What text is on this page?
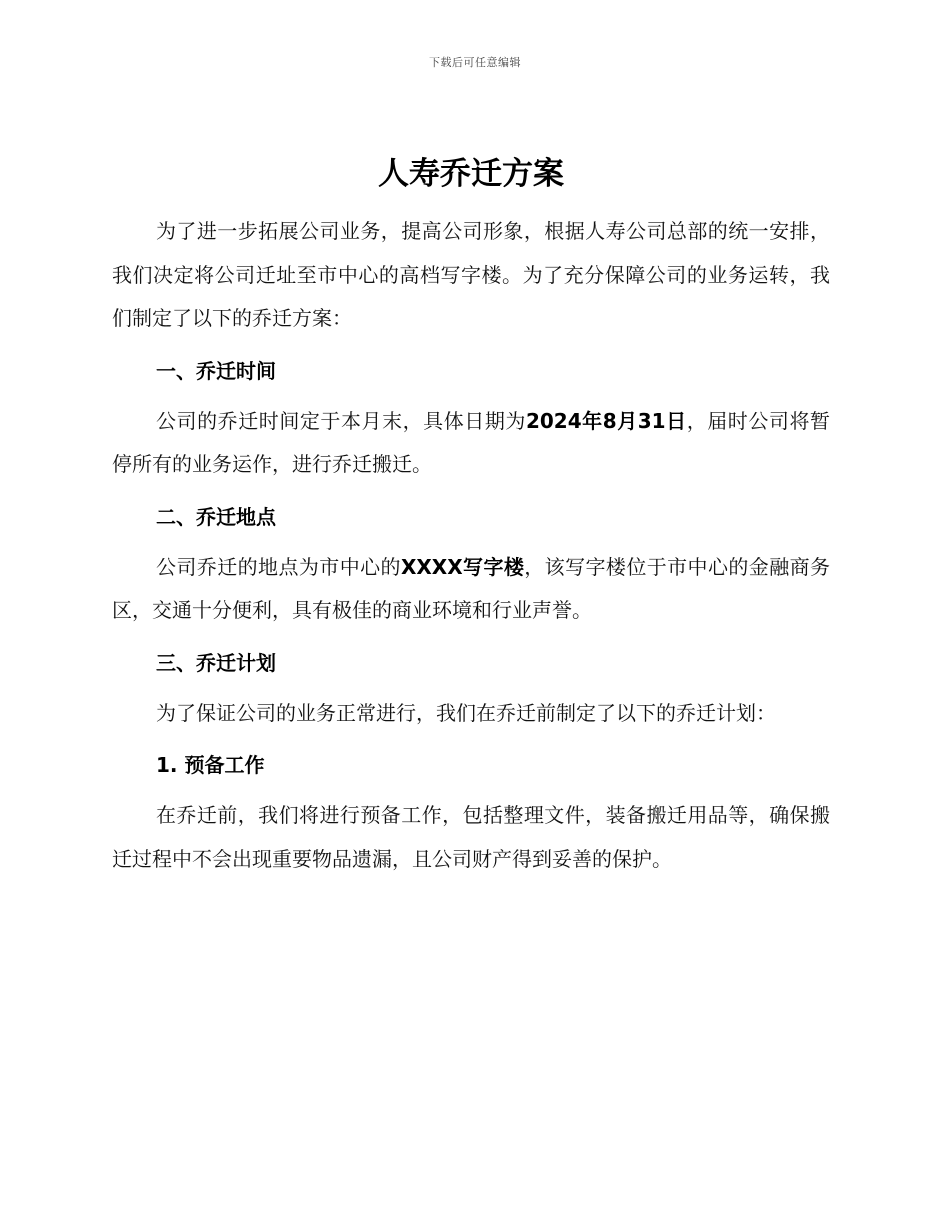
下载后可任意编辑
人寿乔迁方案

为了进一步拓展公司业务，提高公司形象，根据人寿公司总部的统一安排，我们决定将公司迁址至市中心的高档写字楼。为了充分保障公司的业务运转，我们制定了以下的乔迁方案：

一、乔迁时间

公司的乔迁时间定于本月末，具体日期为2024年8月31日，届时公司将暂停所有的业务运作，进行乔迁搬迁。

二、乔迁地点

公司乔迁的地点为市中心的XXXX写字楼，该写字楼位于市中心的金融商务区，交通十分便利，具有极佳的商业环境和行业声誉。

三、乔迁计划

为了保证公司的业务正常进行，我们在乔迁前制定了以下的乔迁计划：

1. 预备工作

在乔迁前，我们将进行预备工作，包括整理文件，装备搬迁用品等，确保搬迁过程中不会出现重要物品遗漏，且公司财产得到妥善的保护。
